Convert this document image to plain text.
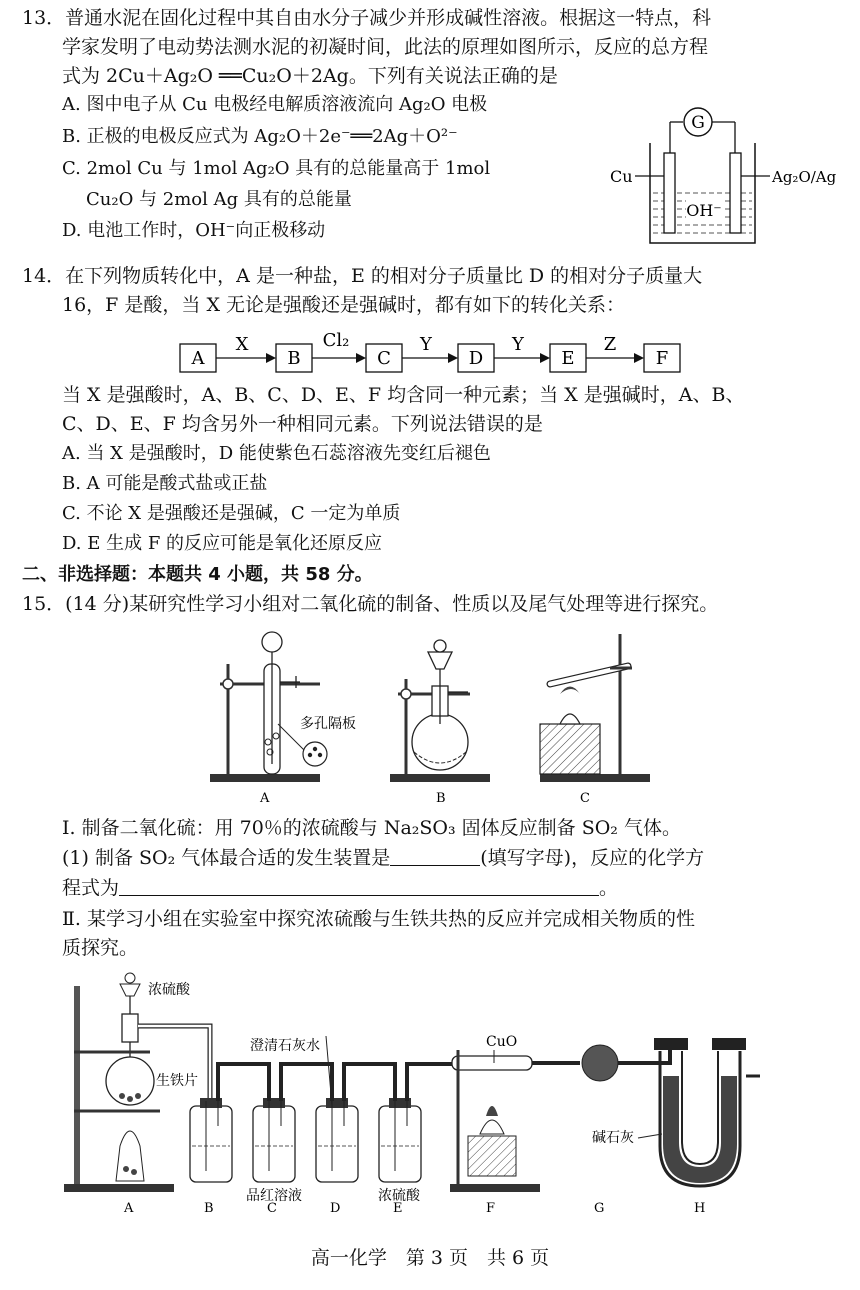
13．普通水泥在固化过程中其自由水分子减少并形成碱性溶液。根据这一特点，科
学家发明了电动势法测水泥的初凝时间，此法的原理如图所示，反应的总方程
式为 2Cu＋Ag₂O ══Cu₂O＋2Ag。下列有关说法正确的是
A. 图中电子从 Cu 电极经电解质溶液流向 Ag₂O 电极
B. 正极的电极反应式为 Ag₂O＋2e⁻══2Ag＋O²⁻
C. 2mol Cu 与 1mol Ag₂O 具有的总能量高于 1mol
Cu₂O 与 2mol Ag 具有的总能量
D. 电池工作时，OH⁻向正极移动
G
Cu	Ag₂O/Ag
OH⁻
14．在下列物质转化中，A 是一种盐，E 的相对分子质量比 D 的相对分子质量大
16，F 是酸，当 X 无论是强酸还是强碱时，都有如下的转化关系：
A
X
B
Cl₂
C
Y
D
Y
E
Z
F
当 X 是强酸时，A、B、C、D、E、F 均含同一种元素；当 X 是强碱时，A、B、
C、D、E、F 均含另外一种相同元素。下列说法错误的是
A. 当 X 是强酸时，D 能使紫色石蕊溶液先变红后褪色
B. A 可能是酸式盐或正盐
C. 不论 X 是强酸还是强碱，C 一定为单质
D. E 生成 F 的反应可能是氧化还原反应
二、非选择题：本题共 4 小题，共 58 分。
15．(14 分)某研究性学习小组对二氧化硫的制备、性质以及尾气处理等进行探究。
多孔隔板
A	B	C
Ⅰ. 制备二氧化硫：用 70％的浓硫酸与 Na₂SO₃ 固体反应制备 SO₂ 气体。
(1) 制备 SO₂ 气体最合适的发生装置是	(填写字母)，反应的化学方
程式为	。
Ⅱ. 某学习小组在实验室中探究浓硫酸与生铁共热的反应并完成相关物质的性
质探究。
浓硫酸
生铁片
A
澄清石灰水
品红溶液	浓硫酸
B	C	D	E
CuO
F	G
碱石灰
H
高一化学　第 3 页　共 6 页
